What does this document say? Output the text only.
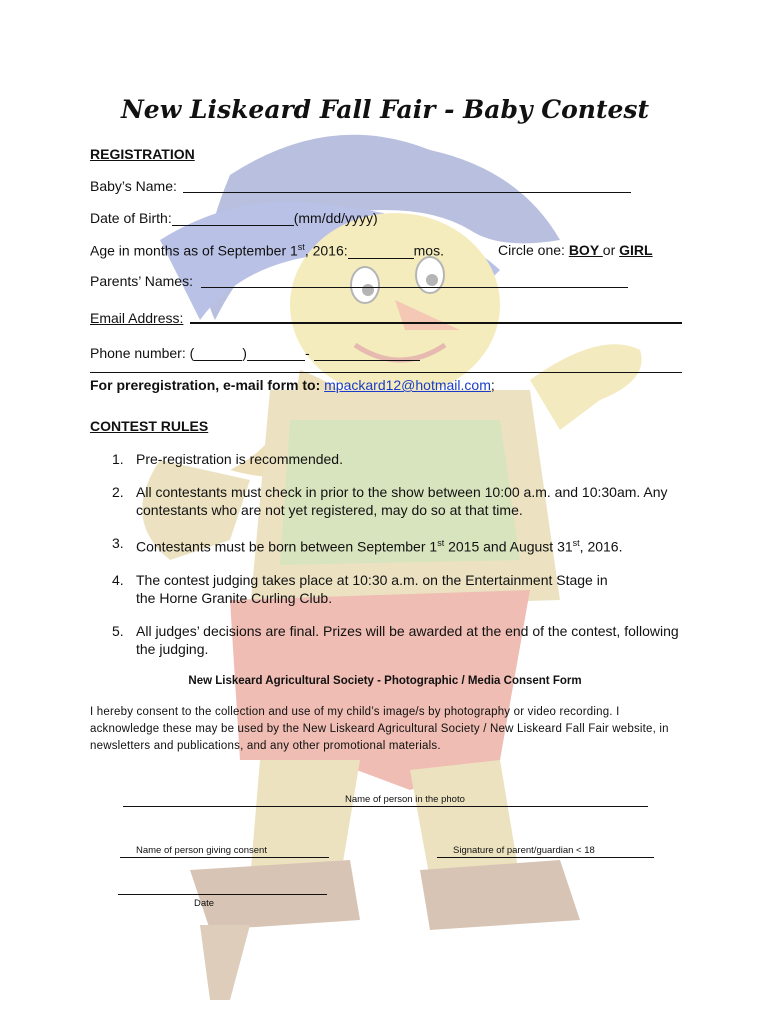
New Liskeard Fall Fair - Baby Contest
REGISTRATION
Baby’s Name:
Date of Birth:	(mm/dd/yyyy)
Age in months as of September 1st, 2016:	mos.	Circle one: BOY or GIRL
Parents’ Names:
Email Address:
Phone number: (	)	-
For preregistration, e-mail form to: mpackard12@hotmail.com;
CONTEST RULES
1. Pre-registration is recommended.
2. All contestants must check in prior to the show between 10:00 a.m. and 10:30am. Any contestants who are not yet registered, may do so at that time.
3. Contestants must be born between September 1st 2015 and August 31st, 2016.
4. The contest judging takes place at 10:30 a.m. on the Entertainment Stage in the Horne Granite Curling Club.
5. All judges’ decisions are final. Prizes will be awarded at the end of the contest, following the judging.
New Liskeard Agricultural Society - Photographic / Media Consent Form
I hereby consent to the collection and use of my child’s image/s by photography or video recording. I acknowledge these may be used by the New Liskeard Agricultural Society / New Liskeard Fall Fair website, in newsletters and publications, and any other promotional materials.
Name of person in the photo
Name of person giving consent	Signature of parent/guardian < 18
Date
